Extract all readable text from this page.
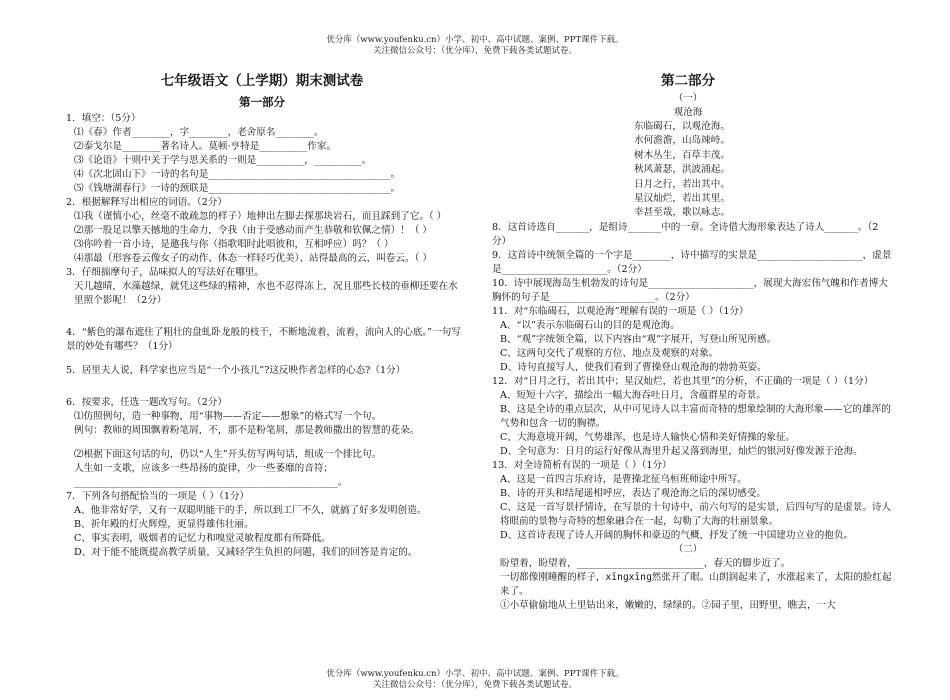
优分库（www.youfenku.cn）小学、初中、高中试题、案例、PPT课件下载。
关注微信公众号：（优分库），免费下载各类试题试卷。
七年级语文（上学期）期末测试卷
第一部分

1．填空：（5分）

⑴《春》作者________，字________，老舍原名________。

⑵泰戈尔是________著名诗人。莫顿·亨特是__________作家。

⑶《论语》十则中关于学与思关系的一则是__________，__________。

⑷《次北固山下》一诗的名句是______________________________________。

⑸《钱塘湖春行》一诗的颈联是______________________________________。

2．根据解释写出相应的词语。（2分）

⑴我（谨慎小心，丝毫不敢疏忽的样子）地伸出左脚去探那块岩石，而且踩到了它。（ ）

⑵那一股足以擎天撼地的生命力，令我（由于受感动而产生恭敬和钦佩之情）！（ ）

⑶你吟着一首小诗，是邀我与你（指歌唱时此唱彼和，互相呼应）吗？（ ）

⑷那最（形容卷云像女子的动作、体态一样轻巧优美）、站得最高的云，叫卷云。（ ）

3．仔细揣摩句子，品味拟人的写法好在哪里。

天儿越晴，水藻越绿，就凭这些绿的精神，水也不忍得冻上，况且那些长枝的垂柳还要在水里照个影呢！（2分）

4．“紫色的瀑布遮住了粗壮的盘虬卧龙般的枝干，不断地流着，流着，流向人的心底。”一句写景的妙处有哪些？（1分）

5．居里夫人说，科学家也应当是“一个小孩儿”?这反映作者怎样的心态?（1分）

6．按要求，任选一题改写句。（2分）

⑴仿照例句，造一种事物，用“事物——否定——想象”的格式写一个句。

例句：教师的周围飘着粉笔屑，不，那不是粉笔屑，那是教师撒出的智慧的花朵。

⑵根据下面这句话的句，仍以“人生”开头仿写两句话，组成一个排比句。

人生如一支歌，应该多一些昂扬的旋律，少一些萎靡的音符；

_______________________________________________________。

7．下列各句搭配恰当的一项是（ ）（1分）

A、他非常好学，又有一双聪明能干的手，所以到工厂不久，就搞了好多发明创造。

B、祈年殿的灯火辉煌，更显得雄伟壮丽。

C、事实表明，吸烟者的记忆力和嗅觉灵敏程度都有所降低。

D、对于能不能既提高教学质量，又减轻学生负担的问题，我们的回答是肯定的。

第二部分

（一）

观沧海

东临碣石，以观沧海。

水何澹澹，山岛竦峙。

树木丛生，百草丰茂。

秋风萧瑟，洪波涌起。

日月之行，若出其中。

星汉灿烂，若出其里。

幸甚至哉，歌以咏志。

8．这首诗选自_______，是组诗_______中的一章。全诗借大海形象表达了诗人_______。（2分）

9．这首诗中统领全篇的一个字是________，诗中描写的实景是______________________，虚景是______________________。（2分）

10．诗中展现海岛生机勃发的诗句是______________________，展现大海宏伟气魄和作者博大胸怀的句子是______________________。（2分）

11．对“东临碣石，以观沧海”理解有误的一项是（ ）（1分）

A、“以”表示东临碣石山的目的是观沧海。

B、“观”字统领全篇，以下内容由“观”字展开，写登山所见所感。

C、这两句交代了观察的方位、地点及观察的对象。

D、诗句直接写人，使我们看到了曹操登山观沧海的勃勃英姿。

12．对“日月之行，若出其中；星汉灿烂，若也其里”的分析，不正确的一项是（ ）（1分）

A、短短十六字，描绘出一幅大海吞吐日月，含蕴群星的奇景。

B、这是全诗的重点层次，从中可见诗人以丰富而奇特的想象绘制的大海形象——它的雄浑的气势和包含一切的胸襟。

C、大海意境开阔，气势雄浑，也是诗人输快心情和美好情操的象征。

D、全句意为：日月的运行好像从海里升起又落到海里，灿烂的银河好像发源于沧海。

13．对全诗简析有误的一项是（ ）（1分）

A、这是一首四言乐府诗，是曹操北征乌桓班师途中所写。

B、诗的开头和结尾遥相呼应，表达了观沧海之后的深切感受。

C、这是一首写景抒情诗，在写景的十句诗中，前六句写的是实景，后四句写的是虚景。诗人将眼前的景物与奇特的想象融合在一起，勾勒了大海的壮丽景象。

D、这首诗表现了诗人开阔的胸怀和豪迈的气概，抒发了统一中国建功立业的抱负。

（二）

盼望着，盼望着，______________________，春天的脚步近了。

一切都像刚睡醒的样子，xīnɡxīnɡ然张开了眼。山朗润起来了，水涨起来了，太阳的脸红起来了。

①小草偷偷地从土里钻出来，嫩嫩的，绿绿的。②园子里，田野里，瞧去，一大

优分库（www.youfenku.cn）小学、初中、高中试题、案例、PPT课件下载。
关注微信公众号：（优分库），免费下载各类试题试卷。
